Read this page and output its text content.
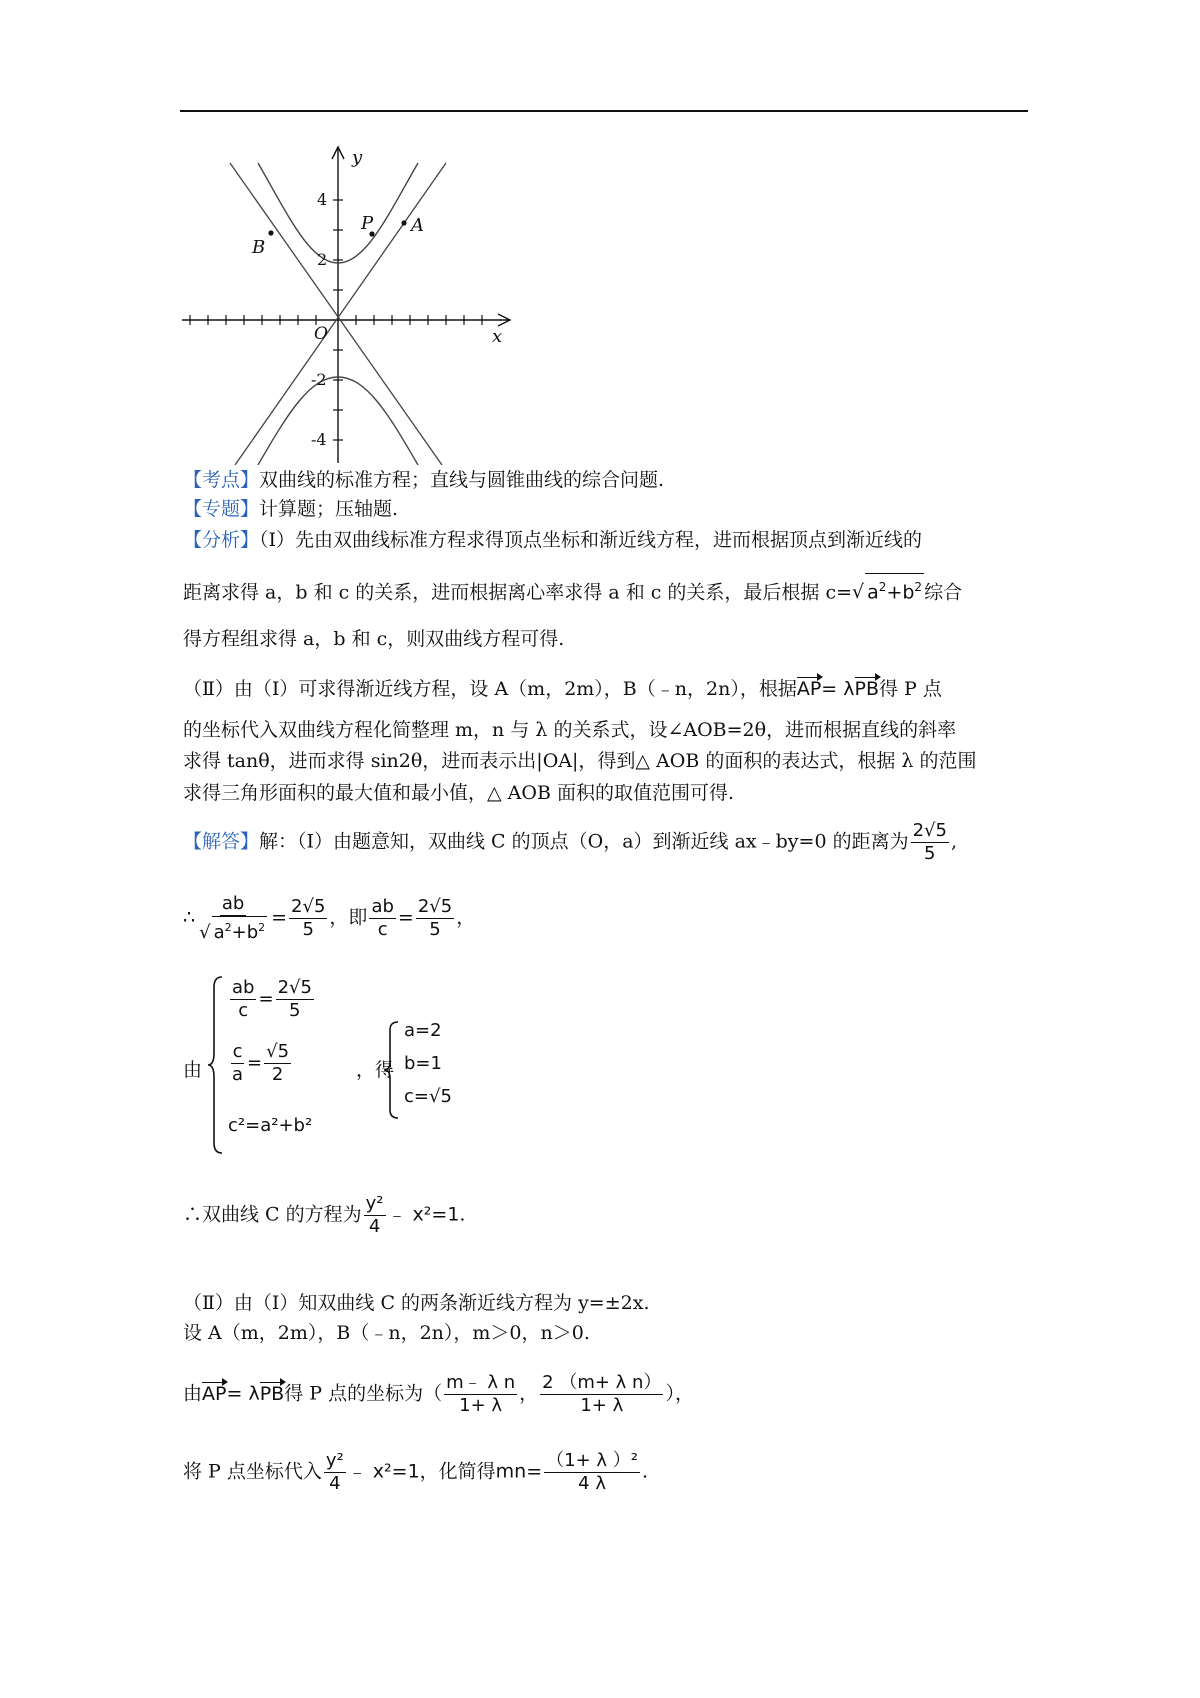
y
x
O
4
2
-2
-4
B
P A
【考点】双曲线的标准方程；直线与圆锥曲线的综合问题.
【专题】计算题；压轴题.
【分析】（Ⅰ）先由双曲线标准方程求得顶点坐标和渐近线方程，进而根据顶点到渐近线的
距离求得 a，b 和 c 的关系，进而根据离心率求得 a 和 c 的关系，最后根据 c=√ $a^2+b^2$ 综合
得方程组求得 a，b 和 c，则双曲线方程可得.
（Ⅱ）由（Ⅰ）可求得渐近线方程，设 A（m，2m），B（﹣n，2n），根据AP= λPB得 P 点
的坐标代入双曲线方程化简整理 m，n 与 λ 的关系式，设∠AOB=2θ，进而根据直线的斜率
求得 tanθ，进而求得 sin2θ，进而表示出|OA|，得到△ AOB 的面积的表达式，根据 λ 的范围
求得三角形面积的最大值和最小值，△ AOB 面积的取值范围可得.
【解答】解：（Ⅰ）由题意知，双曲线 C 的顶点（O，a）到渐近线 ax﹣by=0 的距离为 $\frac{2√5}{5}$ ,
∴ ab
√ $a^2+b^2 = \frac{2√5}{5}$ ，即 $\frac{ab}{c} = \frac{2√5}{5}$ ，
由
$\frac{ab}{c} = \frac{2√5}{5}$
$\frac{c}{a} = \frac{√5}{2}$
c²=a²+b²
，得
a=2
b=1
c=√5
∴双曲线 C 的方程为 $\frac{\text{y²}}{4}$ ﹣ x²=1.
（Ⅱ）由（Ⅰ）知双曲线 C 的两条渐近线方程为 y=±2x.
设 A（m，2m），B（﹣n，2n），m＞0，n＞0.
由AP= λPB得 P 点的坐标为（ $\frac{\text{m﹣ λ n}}{1+ \lambda}$ ， $\frac{\text{2 （m+ λ n）}}{1+ \lambda}$ ），
将 P 点坐标代入 $\frac{\text{y²}}{4}$ ﹣ x²=1，化简得$mn= \frac{\text{（1+ λ ）²}}{4 \lambda}$ .
